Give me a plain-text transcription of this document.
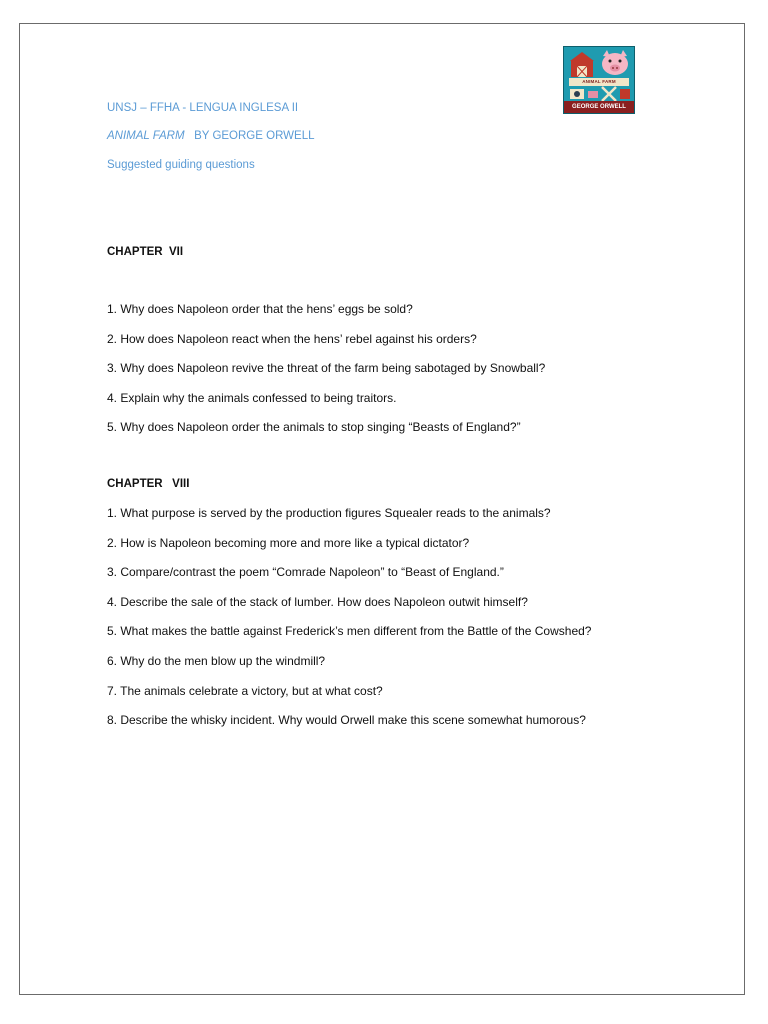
ANIMAL FARM
GEORGE ORWELL
UNSJ – FFHA - LENGUA INGLESA II
ANIMAL FARM   BY GEORGE ORWELL
Suggested guiding questions
CHAPTER  VII
1. Why does Napoleon order that the hens’ eggs be sold?
2. How does Napoleon react when the hens’ rebel against his orders?
3. Why does Napoleon revive the threat of the farm being sabotaged by Snowball?
4. Explain why the animals confessed to being traitors.
5. Why does Napoleon order the animals to stop singing “Beasts of England?”
CHAPTER   VIII
1. What purpose is served by the production figures Squealer reads to the animals?
2. How is Napoleon becoming more and more like a typical dictator?
3. Compare/contrast the poem “Comrade Napoleon” to “Beast of England.”
4. Describe the sale of the stack of lumber. How does Napoleon outwit himself?
5. What makes the battle against Frederick’s men different from the Battle of the Cowshed?
6. Why do the men blow up the windmill?
7. The animals celebrate a victory, but at what cost?
8. Describe the whisky incident. Why would Orwell make this scene somewhat humorous?
